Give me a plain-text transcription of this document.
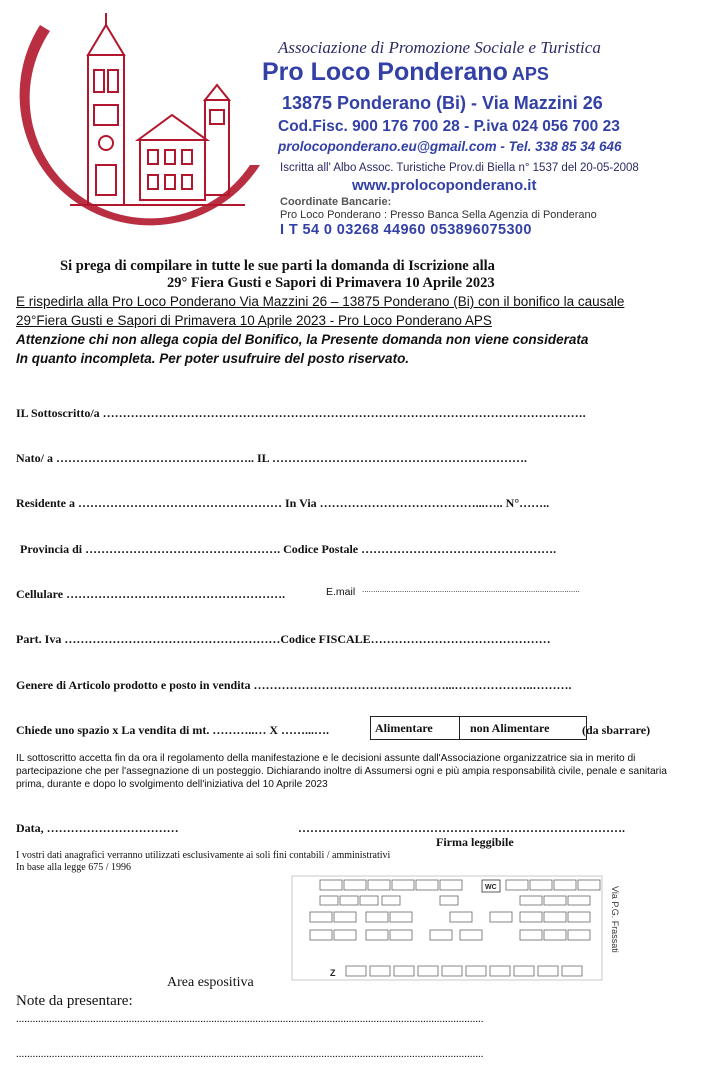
Associazione di Promozione Sociale e Turistica
Pro Loco Ponderano APS
13875 Ponderano (Bi) - Via Mazzini 26
Cod.Fisc. 900 176 700 28 - P.iva 024 056 700 23
prolocoponderano.eu@gmail.com - Tel. 338 85 34 646
Iscritta all' Albo Assoc. Turistiche Prov.di Biella n° 1537 del 20-05-2008
www.prolocoponderano.it
Coordinate Bancarie:
Pro Loco Ponderano : Presso Banca Sella Agenzia di Ponderano
I T 54 0 03268 44960 053896075300
Si prega di compilare in tutte le sue parti la domanda di Iscrizione alla
29° Fiera Gusti e Sapori di Primavera 10 Aprile 2023
E rispedirla alla Pro Loco Ponderano Via Mazzini 26 – 13875 Ponderano (Bi) con il bonifico la causale
29°Fiera Gusti e Sapori di Primavera 10 Aprile 2023 - Pro Loco Ponderano APS
Attenzione chi non allega copia del Bonifico, la Presente domanda non viene considerata
In quanto incompleta. Per poter usufruire del posto riservato.
IL Sottoscritto/a ………………………………………………………………………………………………………….
Nato/ a ………………………………………….. IL ……………………………………………………….
Residente a …………………………………………… In Via …………………………………...….. N°……..
Provincia di …………………………………………. Codice Postale ………………………………………….
Cellulare ……………………………………………….	E.mail ..................................................................................................
Part. Iva ………………………………………………Codice FISCALE………………………………………
Genere di Articolo prodotto e posto in vendita …………………………………………...………………..……….
Chiede uno spazio x La vendita di mt. ………..… X ……...….	Alimentare	non Alimentare	(da sbarrare)
IL sottoscritto accetta fin da ora il regolamento della manifestazione e le decisioni assunte dall'Associazione organizzatrice sia in merito di
partecipazione che per l'assegnazione di un posteggio. Dichiarando inoltre di Assumersi ogni e più ampia responsabilità civile, penale e sanitaria
prima, durante e dopo lo svolgimento dell'iniziativa del 10 Aprile 2023
Data, ……………………………	……………………………………………………………………….
Firma leggibile
I vostri dati anagrafici verranno utilizzati esclusivamente ai soli fini contabili / amministrativi
In base alla legge 675 / 1996
WC
Z
Via P.G. Frassati
Area espositiva
Note da presentare:
..........................................................................................................................................................................
..........................................................................................................................................................................
